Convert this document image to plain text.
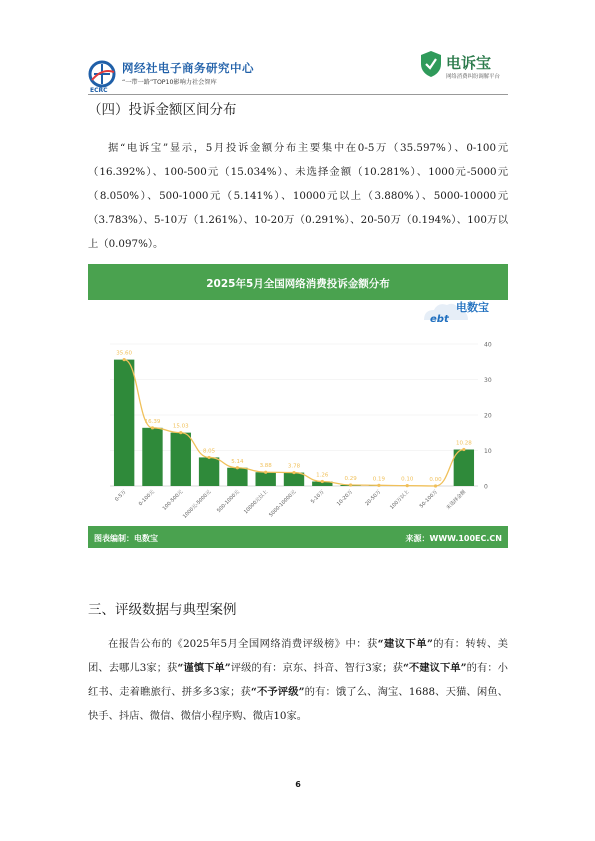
网经社电子商务研究中心
“一带一路”TOP10影响力社会智库
ECRC
电诉宝
网络消费纠纷调解平台
（四）投诉金额区间分布
据“电诉宝”显示，5月投诉金额分布主要集中在0-5万（35.597%）、0-100元（16.392%）、100-500元（15.034%）、未选择金额（10.281%）、1000元-5000元（8.050%）、500-1000元（5.141%）、10000元以上（3.880%）、5000-10000元（3.783%）、5-10万（1.261%）、10-20万（0.291%）、20-50万（0.194%）、100万以上（0.097%）。
2025年5月全国网络消费投诉金额分布
ebt
电数宝
0
10
20
30
40
35.60
0-5万
16.39
0-100元
15.03
100-500元
8.05
1000元-5000元
5.14
500-1000元
3.88
10000元以上
3.78
5000-10000元
1.26
5-10万
0.29
10-20万
0.19
20-50万
0.10
100万以上
0.00
50-100万
10.28
未选择金额
图表编制：电数宝	来源：WWW.100EC.CN
三、评级数据与典型案例
在报告公布的《2025年5月全国网络消费评级榜》中：获“建议下单”的有：转转、美团、去哪儿3家；获“谨慎下单”评级的有：京东、抖音、智行3家；获“不建议下单”的有：小红书、走着瞧旅行、拼多多3家；获“不予评级”的有：饿了么、淘宝、1688、天猫、闲鱼、快手、抖店、微信、微信小程序购、微店10家。
6
